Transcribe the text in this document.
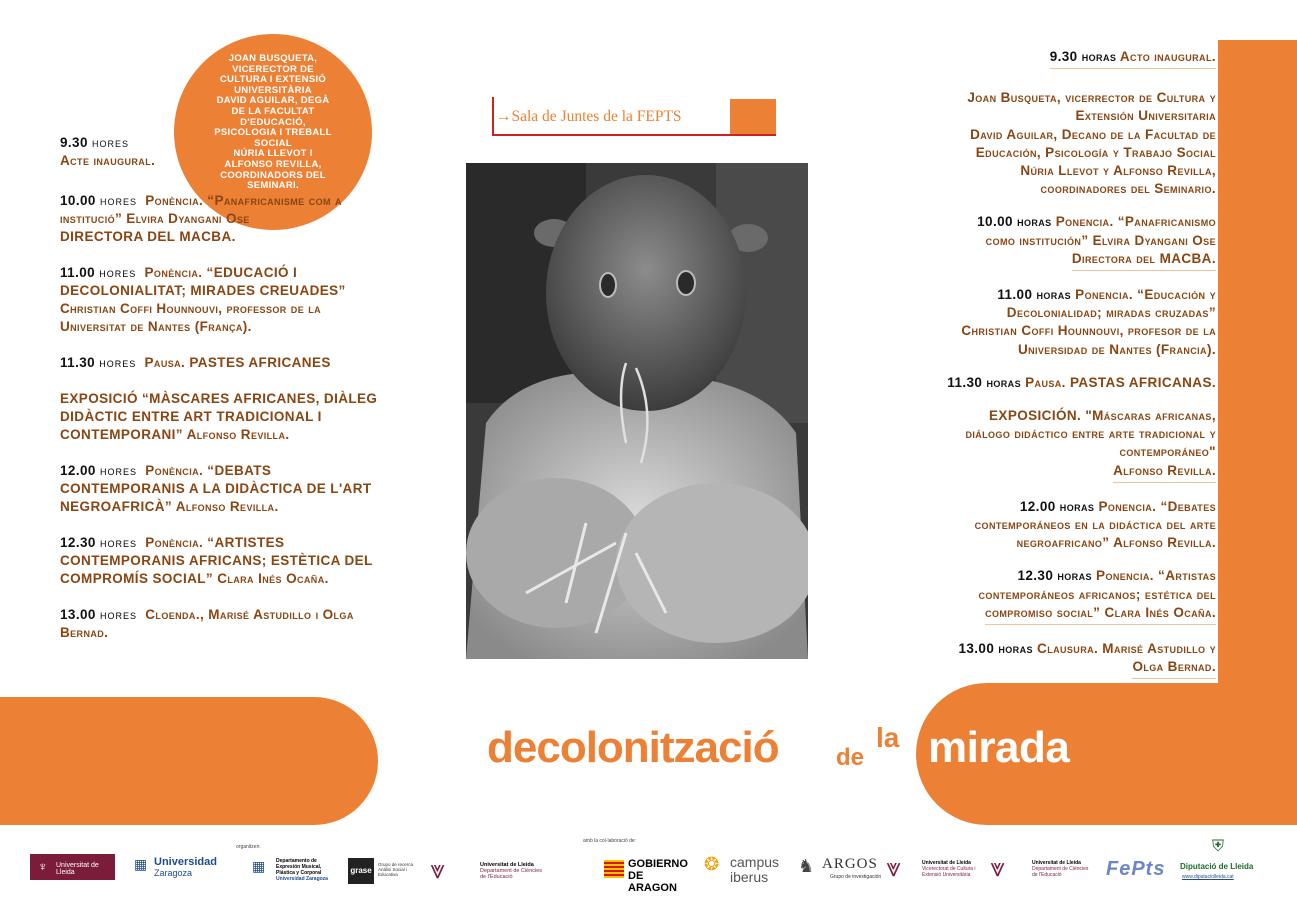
JOAN BUSQUETA,
VICERECTOR DE
CULTURA I EXTENSIÓ
UNIVERSITÀRIA
DAVID AGUILAR, DEGÀ
DE LA FACULTAT
D'EDUCACIÓ,
PSICOLOGIA I TREBALL
SOCIAL
NÚRIA LLEVOT I
ALFONSO REVILLA,
COORDINADORS DEL
SEMINARI.
→Sala de Juntes de la FEPTS
9.30 hores
Acte inaugural.
10.00 hores Ponència. “Panafricanisme com a
institució” Elvira Dyangani Ose
DIRECTORA DEL MACBA.
11.00 hores Ponència. “EDUCACIÓ I
DECOLONIALITAT; MIRADES CREUADES”
Christian Coffi Hounnouvi, professor de la
Universitat de Nantes (França).
11.30 hores Pausa. PASTES AFRICANES
EXPOSICIÓ “MÀSCARES AFRICANES, DIÀLEG
DIDÀCTIC ENTRE ART TRADICIONAL I
CONTEMPORANI” Alfonso Revilla.
12.00 hores Ponència. “DEBATS
CONTEMPORANIS A LA DIDÀCTICA DE L'ART
NEGROAFRICÀ” Alfonso Revilla.
12.30 hores Ponència. “ARTISTES
CONTEMPORANIS AFRICANS; ESTÈTICA DEL
COMPROMÍS SOCIAL” Clara Inés Ocaña.
13.00 hores Cloenda., Marisé Astudillo i Olga
Bernad.
9.30 horas Acto inaugural.
Joan Busqueta, vicerrector de Cultura y
Extensión Universitaria
David Aguilar, Decano de la Facultad de
Educación, Psicología y Trabajo Social
Núria Llevot y Alfonso Revilla,
coordinadores del Seminario.
10.00 horas Ponencia. “Panafricanismo
como institución” Elvira Dyangani Ose
Directora del MACBA.
11.00 horas Ponencia. “Educación y
Decolonialidad; miradas cruzadas”
Christian Coffi Hounnouvi, profesor de la
Universidad de Nantes (Francia).
11.30 horas Pausa. PASTAS AFRICANAS.
EXPOSICIÓN. "Máscaras africanas,
diálogo didáctico entre arte tradicional y
contemporáneo"
Alfonso Revilla.
12.00 horas Ponencia. “Debates
contemporáneos en la didáctica del arte
negroafricano” Alfonso Revilla.
12.30 horas Ponencia. “Artistas
contemporáneos africanos; estética del
compromiso social” Clara Inés Ocaña.
13.00 horas Clausura. Marisé Astudillo y
Olga Bernad.
decolonització de
la mirada
♆ Universitat de Lleida
▦ Universidad
Zaragoza
organitzen:
▦ Departamento de
Expresión Musical,
Plástica y Corporal
Universidad Zaragoza
grase
Grupo de recerca Análisi Social i Educativa	⩔	Universitat de Lleida
Departament de Ciències
de l'Educació
amb la col·laboració de:
GOBIERNO
DE ARAGON
❂ campus
iberus
♞ ARGOS
Grupo de investigación ⩔	Universitat de Lleida
Vicerectorat de Cultura i
Extensió Universitària ⩔	Universitat de Lleida
Departament de Ciències
de l'Educació FePts
⛨
Diputació de Lleida
www.diputaciolleida.cat
